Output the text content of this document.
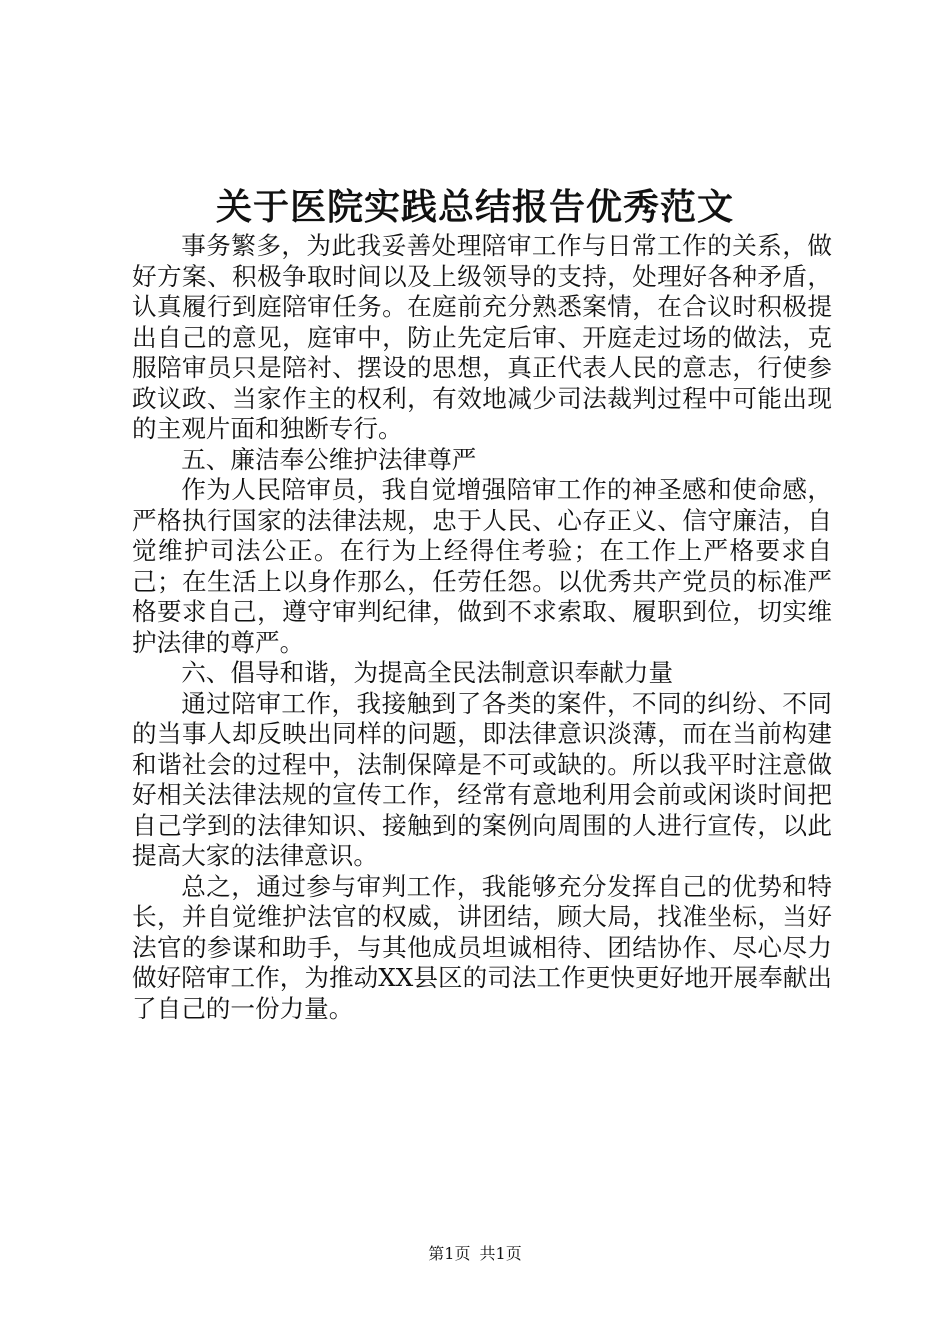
关于医院实践总结报告优秀范文

事务繁多，为此我妥善处理陪审工作与日常工作的关系，做好方案、积极争取时间以及上级领导的支持，处理好各种矛盾，认真履行到庭陪审任务。在庭前充分熟悉案情，在合议时积极提出自己的意见，庭审中，防止先定后审、开庭走过场的做法，克服陪审员只是陪衬、摆设的思想，真正代表人民的意志，行使参政议政、当家作主的权利，有效地减少司法裁判过程中可能出现的主观片面和独断专行。

五、廉洁奉公维护法律尊严

作为人民陪审员，我自觉增强陪审工作的神圣感和使命感，严格执行国家的法律法规，忠于人民、心存正义、信守廉洁，自觉维护司法公正。在行为上经得住考验；在工作上严格要求自己；在生活上以身作那么，任劳任怨。以优秀共产党员的标准严格要求自己，遵守审判纪律，做到不求索取、履职到位，切实维护法律的尊严。

六、倡导和谐，为提高全民法制意识奉献力量

通过陪审工作，我接触到了各类的案件，不同的纠纷、不同的当事人却反映出同样的问题，即法律意识淡薄，而在当前构建和谐社会的过程中，法制保障是不可或缺的。所以我平时注意做好相关法律法规的宣传工作，经常有意地利用会前或闲谈时间把自己学到的法律知识、接触到的案例向周围的人进行宣传，以此提高大家的法律意识。

总之，通过参与审判工作，我能够充分发挥自己的优势和特长，并自觉维护法官的权威，讲团结，顾大局，找准坐标，当好法官的参谋和助手，与其他成员坦诚相待、团结协作、尽心尽力做好陪审工作，为推动XX县区的司法工作更快更好地开展奉献出了自己的一份力量。

第1页 共1页
